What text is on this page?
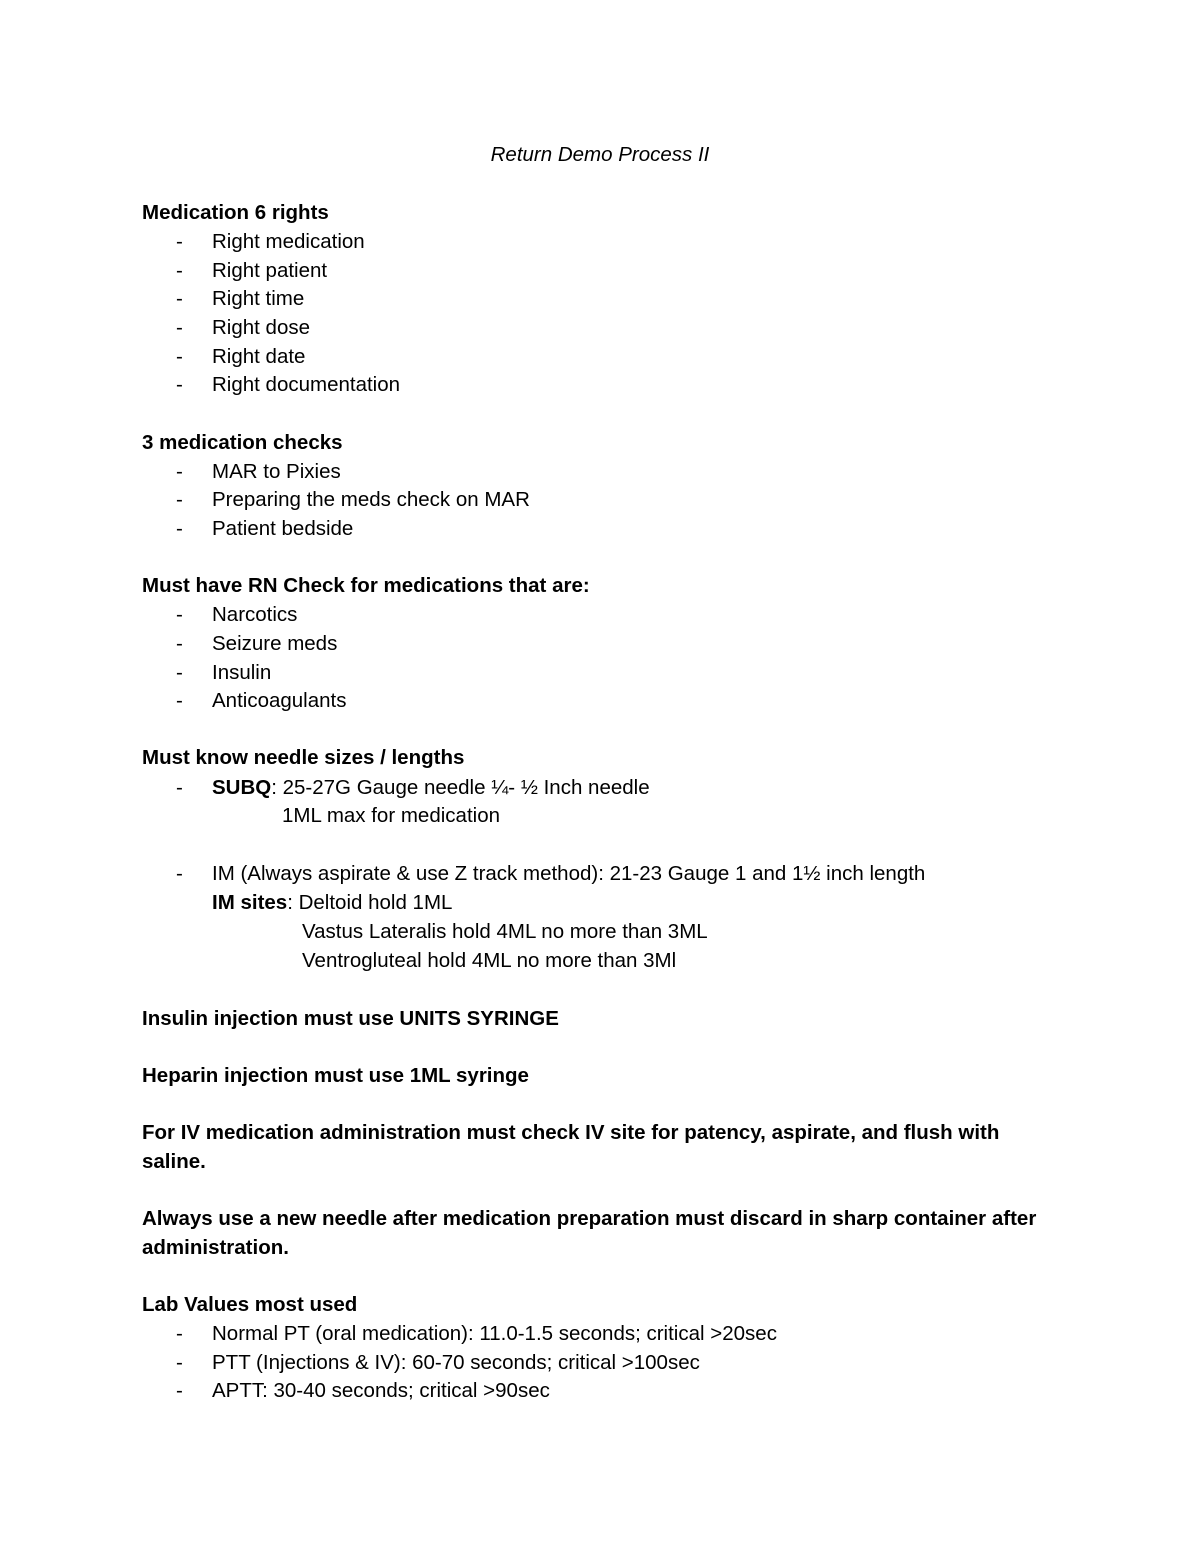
Return Demo Process II
Medication 6 rights
- Right medication
- Right patient
- Right time
- Right dose
- Right date
- Right documentation
3 medication checks
- MAR to Pixies
- Preparing the meds check on MAR
- Patient bedside
Must have RN Check for medications that are:
- Narcotics
- Seizure meds
- Insulin
- Anticoagulants
Must know needle sizes / lengths
- SUBQ: 25-27G Gauge needle ¼- ½ Inch needle
1ML max for medication
- IM (Always aspirate & use Z track method): 21-23 Gauge 1 and 1½ inch length
IM sites: Deltoid hold 1ML
Vastus Lateralis hold 4ML no more than 3ML
Ventrogluteal hold 4ML no more than 3Ml
Insulin injection must use UNITS SYRINGE
Heparin injection must use 1ML syringe
For IV medication administration must check IV site for patency, aspirate, and flush with
saline.
Always use a new needle after medication preparation must discard in sharp container after
administration.
Lab Values most used
- Normal PT (oral medication): 11.0-1.5 seconds; critical >20sec
- PTT (Injections & IV): 60-70 seconds; critical >100sec
- APTT: 30-40 seconds; critical >90sec
